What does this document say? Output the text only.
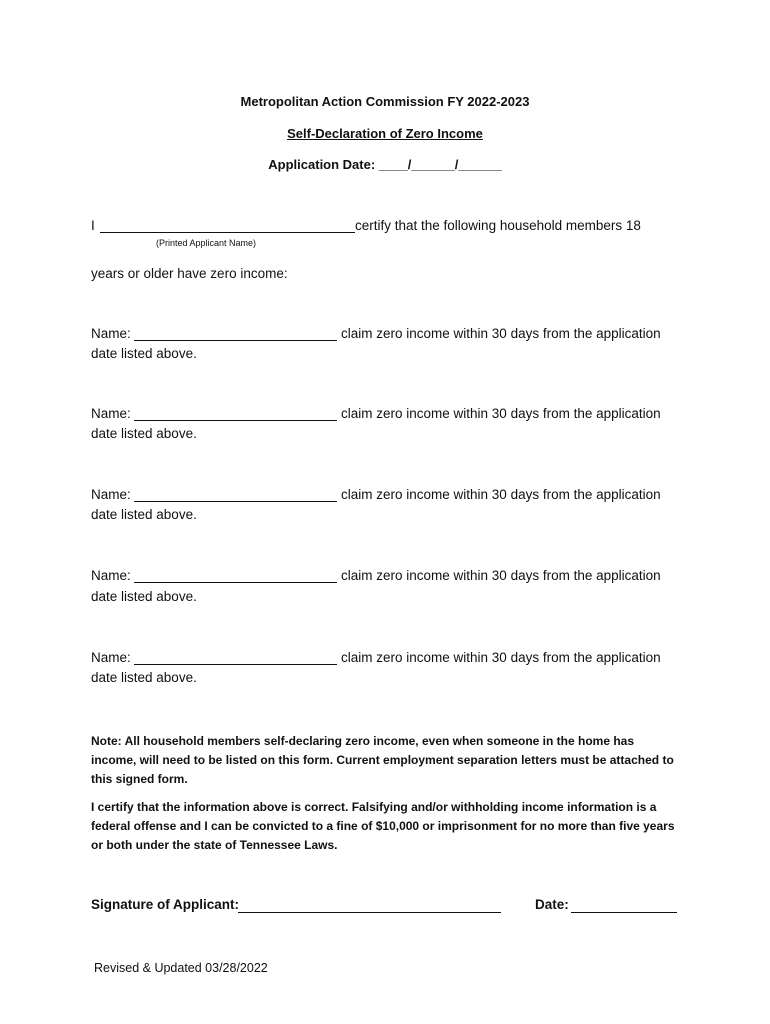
Metropolitan Action Commission FY 2022-2023
Self-Declaration of Zero Income
Application Date: ____/______/______
I	certify that the following household members 18
(Printed Applicant Name)
years or older have zero income:
Name:	claim zero income within 30 days from the application
date listed above.
Name:	claim zero income within 30 days from the application
date listed above.
Name:	claim zero income within 30 days from the application
date listed above.
Name:	claim zero income within 30 days from the application
date listed above.
Name:	claim zero income within 30 days from the application
date listed above.
Note: All household members self-declaring zero income, even when someone in the home has income, will need to be listed on this form. Current employment separation letters must be attached to this signed form.
I certify that the information above is correct. Falsifying and/or withholding income information is a federal offense and I can be convicted to a fine of $10,000 or imprisonment for no more than five years or both under the state of Tennessee Laws.
Signature of Applicant:	Date:
Revised & Updated 03/28/2022
